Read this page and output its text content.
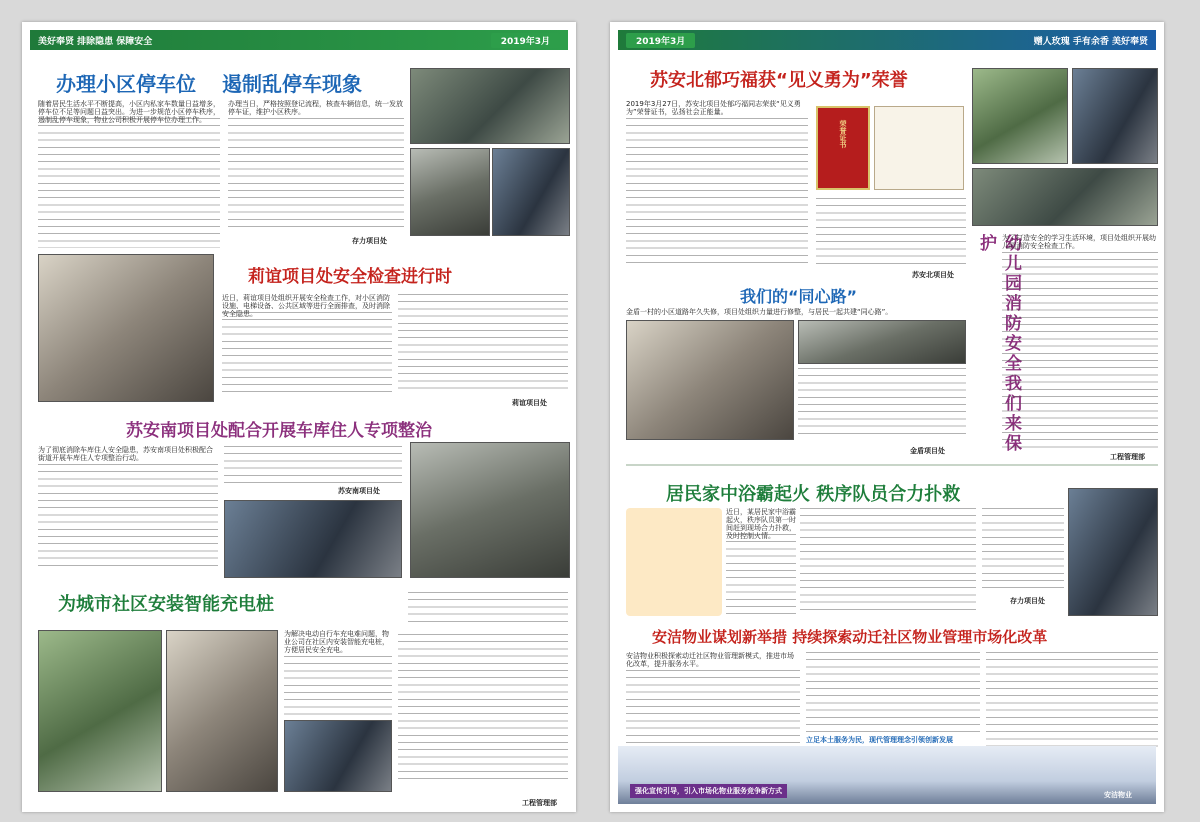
美好奉贤 排除隐患 保障安全	2019年3月
办理小区停车位 遏制乱停车现象
随着居民生活水平不断提高，小区内私家车数量日益增多，停车位不足等问题日益突出。为进一步规范小区停车秩序，遏制乱停车现象，物业公司积极开展停车位办理工作。
办理当日，严格按照登记流程，核查车辆信息，统一发放停车证，维护小区秩序。
存力项目处
莉谊项目处安全检查进行时
近日，莉谊项目处组织开展安全检查工作，对小区消防设施、电梯设备、公共区域等进行全面排查，及时消除安全隐患。
莉谊项目处
苏安南项目处配合开展车库住人专项整治
为了彻底消除车库住人安全隐患，苏安南项目处积极配合街道开展车库住人专项整治行动。
苏安南项目处
为城市社区安装智能充电桩
为解决电动自行车充电难问题，物业公司在社区内安装智能充电桩，方便居民安全充电。
工程管理部
2019年3月	赠人玫瑰 手有余香 美好奉贤
苏安北郁巧福获“见义勇为”荣誉
2019年3月27日，苏安北项目处郁巧福同志荣获“见义勇为”荣誉证书，弘扬社会正能量。
荣誉证书
苏安北项目处
我们的“同心路”
金盾一村的小区道路年久失修，项目处组织力量进行修整，与居民一起共建“同心路”。
金盾项目处	幼儿园消防安全我们来保护 为了打造安全的学习生活环境，项目处组织开展幼儿园消防安全检查工作。
工程管理部
居民家中浴霸起火 秩序队员合力扑救
近日，某居民家中浴霸起火，秩序队员第一时间赶到现场合力扑救，及时控制火情。
存力项目处
安洁物业谋划新举措 持续探索动迁社区物业管理市场化改革
安洁物业积极探索动迁社区物业管理新模式，推进市场化改革，提升服务水平。
立足本土服务为民，现代管理理念引领创新发展
强化宣传引导，引入市场化物业服务竞争新方式	安洁物业
